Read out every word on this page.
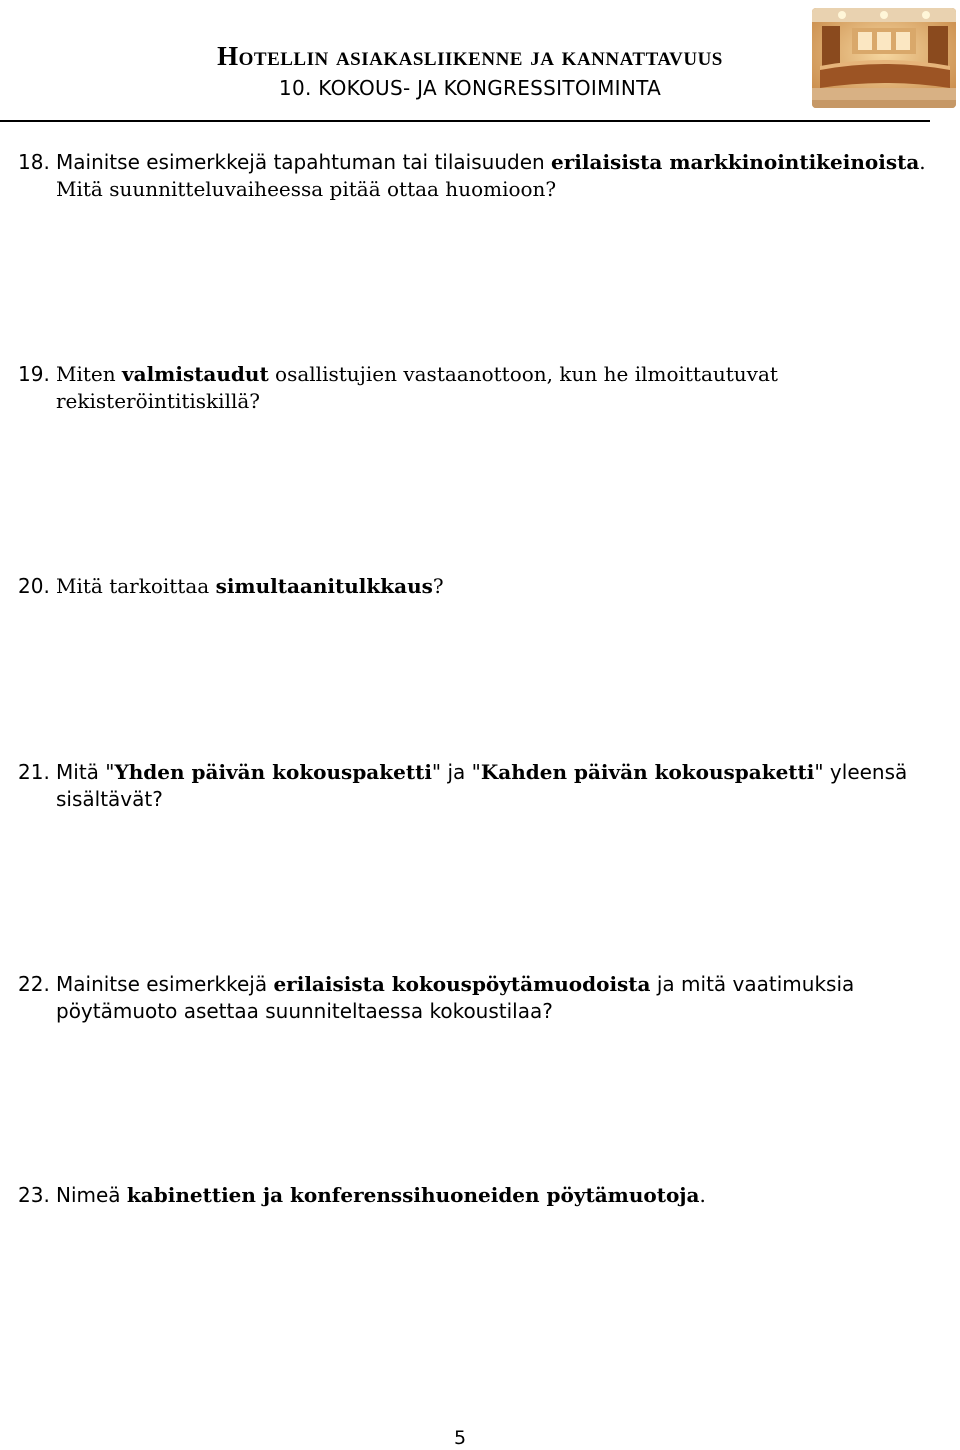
Hotellin asiakasliikenne ja kannattavuus
10. KOKOUS- JA KONGRESSITOIMINTA
18. Mainitse esimerkkejä tapahtuman tai tilaisuuden erilaisista markkinointikeinoista. Mitä suunnitteluvaiheessa pitää ottaa huomioon?
19. Miten valmistaudut osallistujien vastaanottoon, kun he ilmoittautuvat rekisteröintitiskillä?
20. Mitä tarkoittaa simultaanitulkkaus?
21. Mitä "Yhden päivän kokouspaketti" ja "Kahden päivän kokouspaketti" yleensä sisältävät?
22. Mainitse esimerkkejä erilaisista kokouspöytämuodoista ja mitä vaatimuksia pöytämuoto asettaa suunniteltaessa kokoustilaa?
23. Nimeä kabinettien ja konferenssihuoneiden pöytämuotoja.
5
